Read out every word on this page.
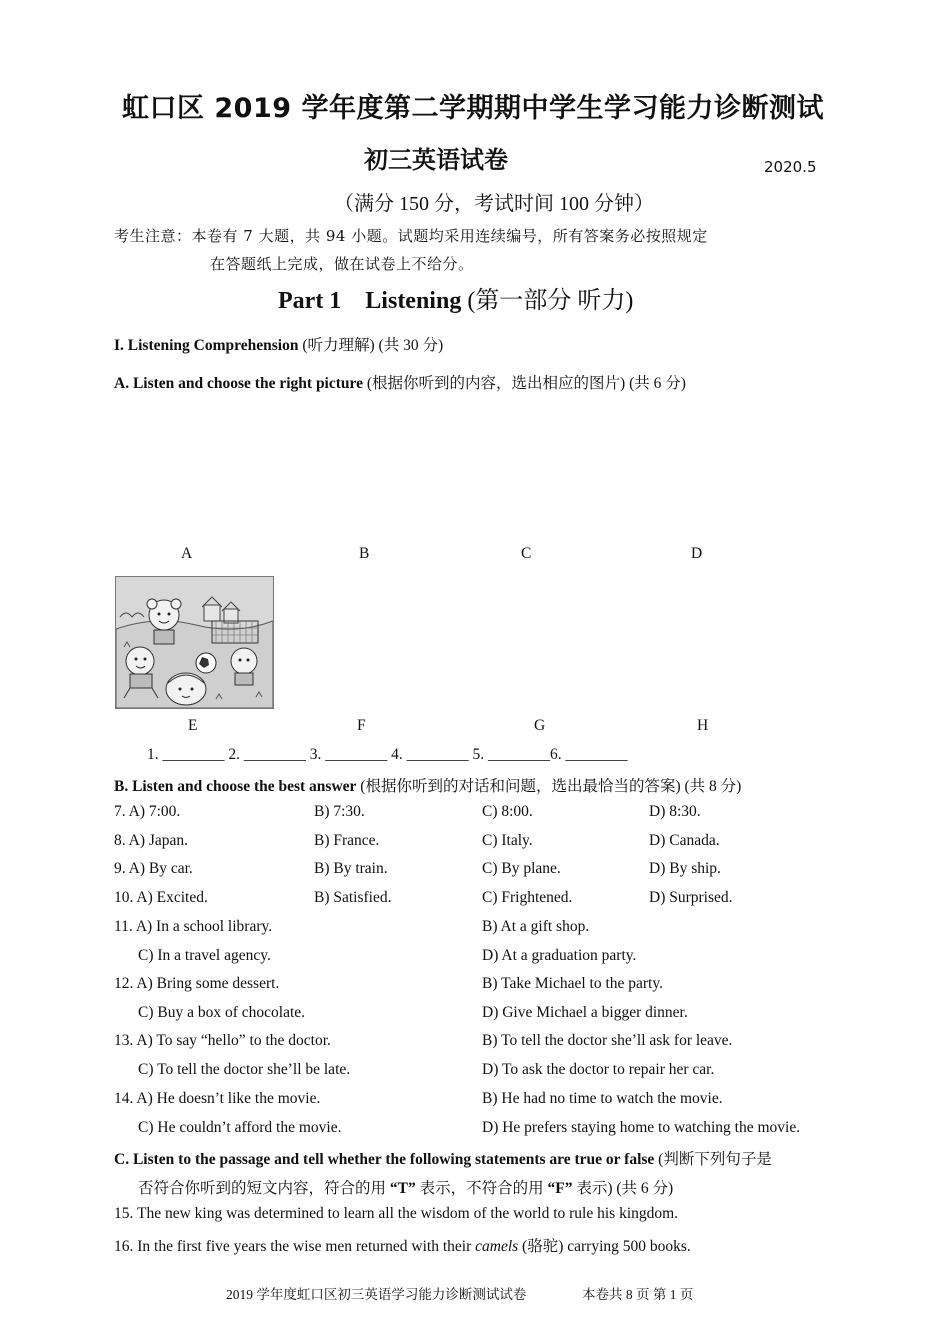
虹口区 2019 学年度第二学期期中学生学习能力诊断测试
初三英语试卷	2020.5
（满分 150 分，考试时间 100 分钟）
考生注意：本卷有 7 大题，共 94 小题。试题均采用连续编号，所有答案务必按照规定
在答题纸上完成，做在试卷上不给分。
Part 1　Listening (第一部分 听力)
I. Listening Comprehension (听力理解) (共 30 分)
A. Listen and choose the right picture (根据你听到的内容，选出相应的图片) (共 6 分)
A	B	C	D
E	F	G	H
1. ________ 2. ________ 3. ________ 4. ________ 5. ________6. ________
B. Listen and choose the best answer (根据你听到的对话和问题，选出最恰当的答案) (共 8 分)
7. A) 7:00.	B) 7:30.	C) 8:00.	D) 8:30.
8. A) Japan.	B) France.	C) Italy.	D) Canada.
9. A) By car.	B) By train.	C) By plane.	D) By ship.
10. A) Excited.	B) Satisfied.	C) Frightened.	D) Surprised.
11. A) In a school library.	B) At a gift shop.
C) In a travel agency.	D) At a graduation party.
12. A) Bring some dessert.	B) Take Michael to the party.
C) Buy a box of chocolate.	D) Give Michael a bigger dinner.
13. A) To say “hello” to the doctor.	B) To tell the doctor she’ll ask for leave.
C) To tell the doctor she’ll be late.	D) To ask the doctor to repair her car.
14. A) He doesn’t like the movie.	B) He had no time to watch the movie.
C) He couldn’t afford the movie.	D) He prefers staying home to watching the movie.
C. Listen to the passage and tell whether the following statements are true or false (判断下列句子是
否符合你听到的短文内容，符合的用 “T” 表示，不符合的用 “F” 表示) (共 6 分)
15. The new king was determined to learn all the wisdom of the world to rule his kingdom.
16. In the first five years the wise men returned with their camels (骆驼) carrying 500 books.
2019 学年度虹口区初三英语学习能力诊断测试试卷	本卷共 8 页 第 1 页
